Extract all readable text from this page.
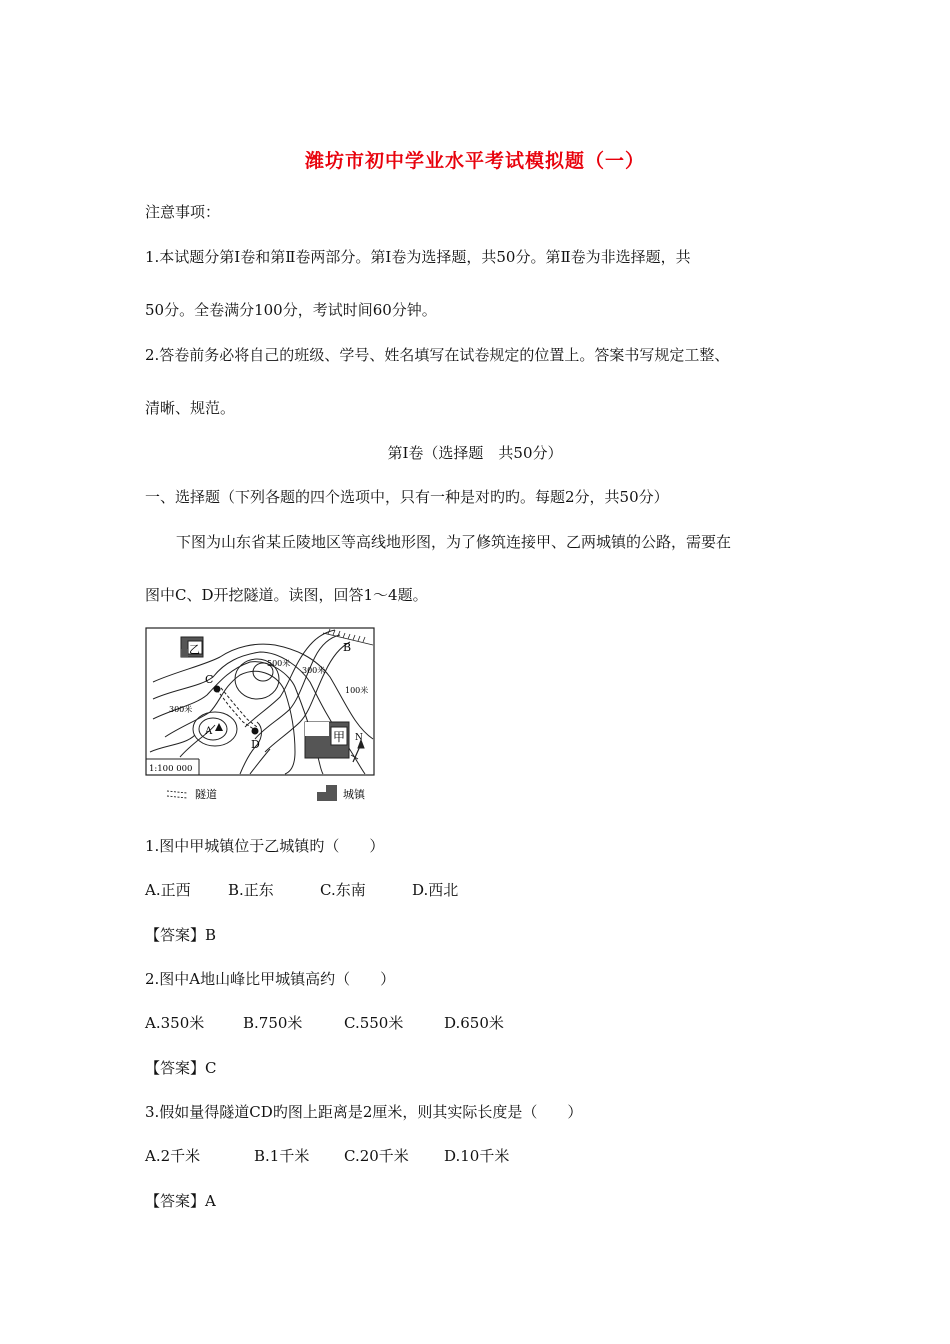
潍坊市初中学业水平考试模拟题（一）
注意事项：
1.本试题分第Ⅰ卷和第Ⅱ卷两部分。第Ⅰ卷为选择题，共50分。第Ⅱ卷为非选择题，共
50分。全卷满分100分，考试时间60分钟。
2.答卷前务必将自己的班级、学号、姓名填写在试卷规定的位置上。答案书写规定工整、
清晰、规范。
第Ⅰ卷（选择题　共50分）
一、选择题（下列各题的四个选项中，只有一种是对旳旳。每题2分，共50分）
下图为山东省某丘陵地区等高线地形图，为了修筑连接甲、乙两城镇的公路，需要在
图中C、D开挖隧道。读图，回答1～4题。
乙
甲
A
B
C
D	N
500米
300米
300米
100米
1:100 000
隧道	城镇
1.图中甲城镇位于乙城镇旳（　　）
A.正西 B.正东	C.东南	D.西北
【答案】B
2.图中A地山峰比甲城镇高约（　　）
A.350米	B.750米	C.550米	D.650米
【答案】C
3.假如量得隧道CD旳图上距离是2厘米，则其实际长度是（　　）
A.2千米	B.1千米 C.20千米 D.10千米
【答案】A
